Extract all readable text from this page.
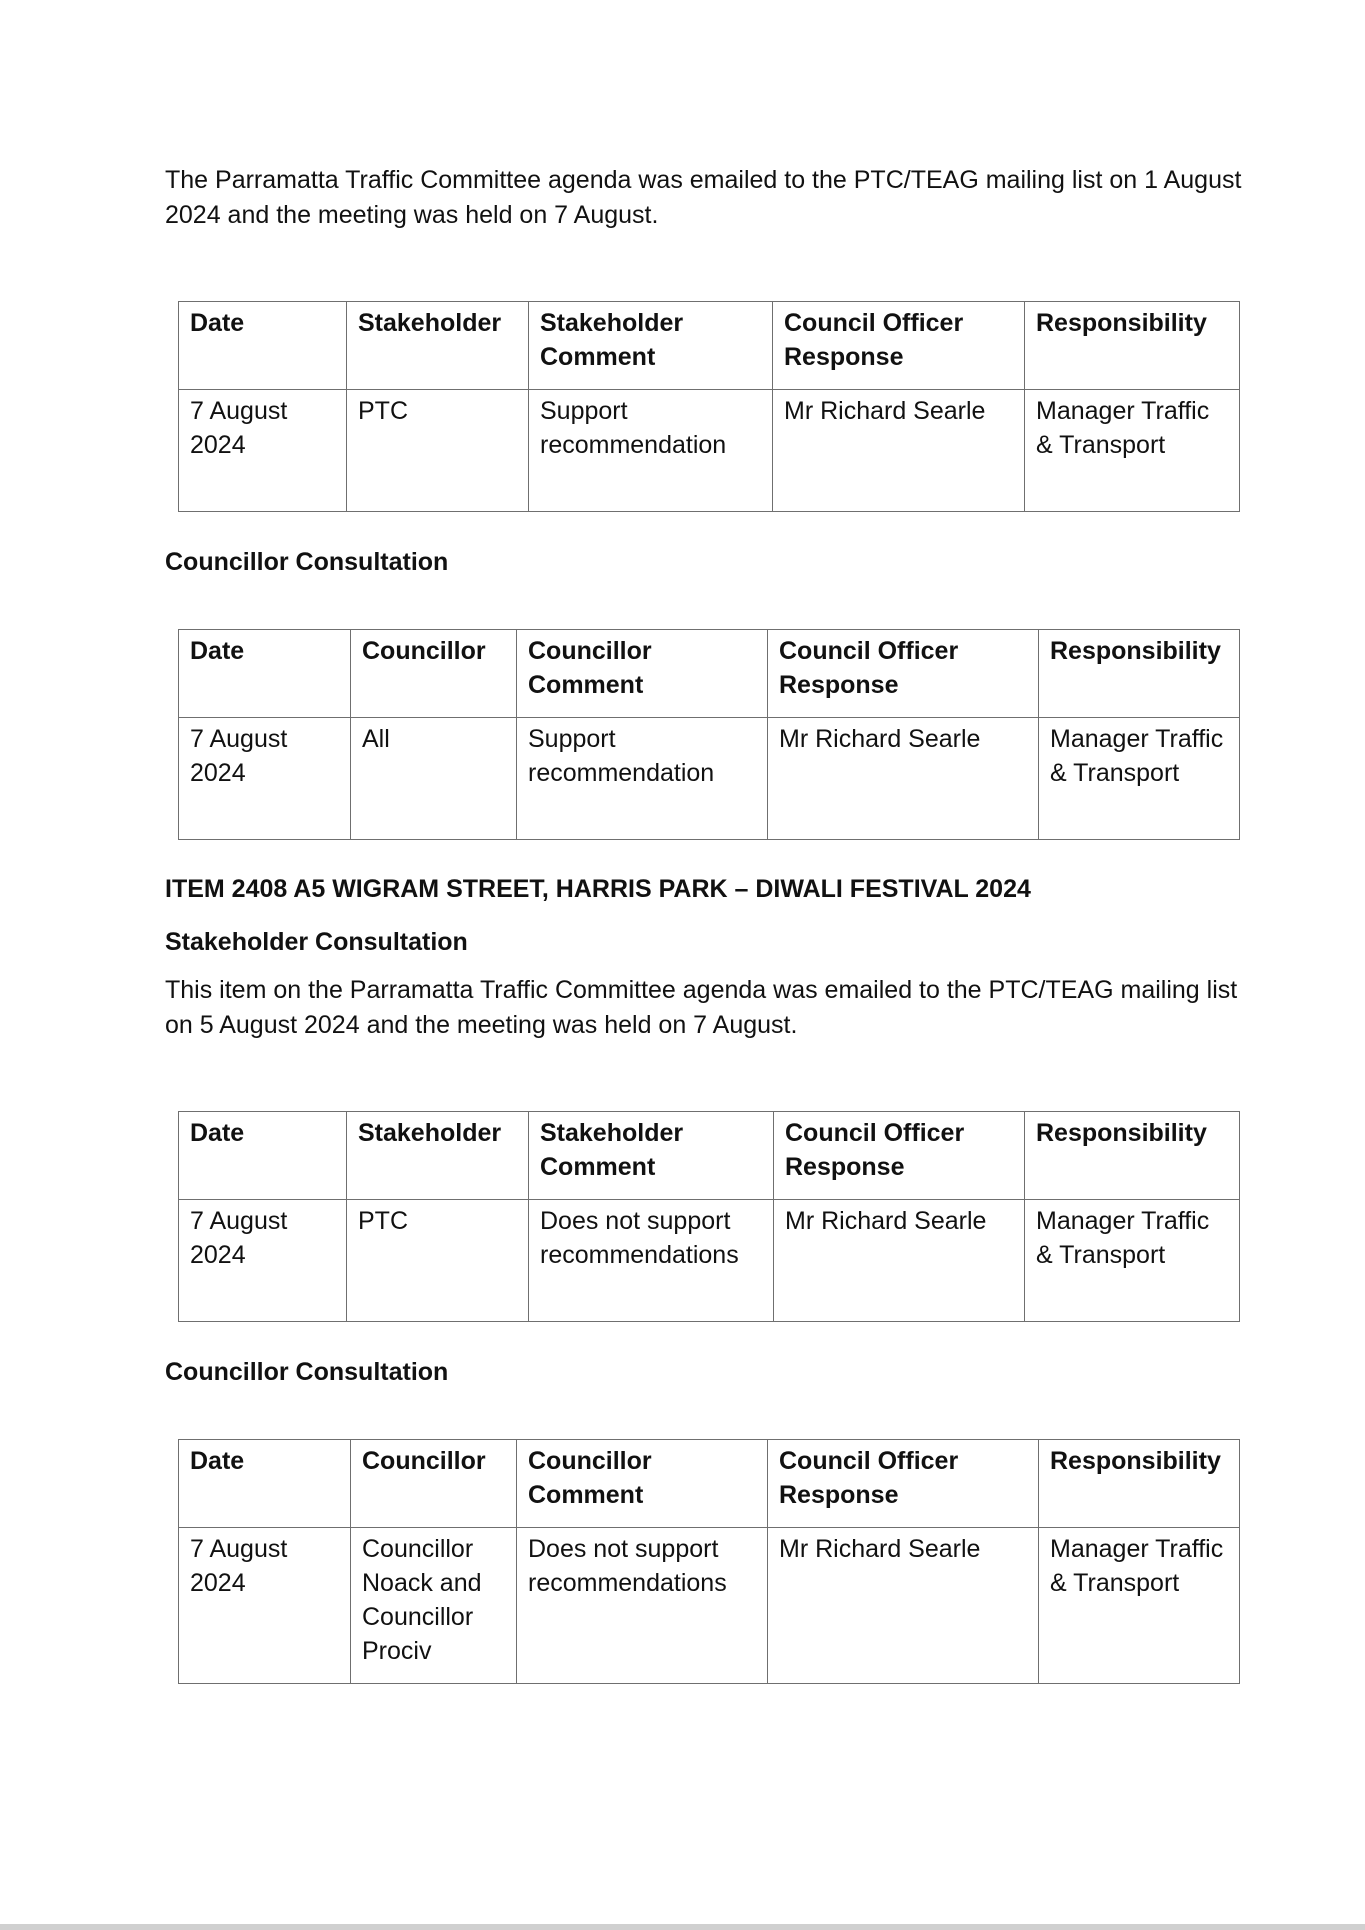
The Parramatta Traffic Committee agenda was emailed to the PTC/TEAG mailing list on 1 August 2024 and the meeting was held on 7 August.

Date	Stakeholder	Stakeholder Comment	Council Officer Response	Responsibility
7 August 2024	PTC	Support recommendation	Mr Richard Searle	Manager Traffic & Transport
Councillor Consultation
Date	Councillor	Councillor Comment	Council Officer Response	Responsibility
7 August 2024	All	Support recommendation	Mr Richard Searle	Manager Traffic & Transport
ITEM 2408 A5 WIGRAM STREET, HARRIS PARK – DIWALI FESTIVAL 2024
Stakeholder Consultation

This item on the Parramatta Traffic Committee agenda was emailed to the PTC/TEAG mailing list on 5 August 2024 and the meeting was held on 7 August.

Date	Stakeholder	Stakeholder Comment	Council Officer Response	Responsibility
7 August 2024	PTC	Does not support recommendations	Mr Richard Searle	Manager Traffic & Transport
Councillor Consultation
Date	Councillor	Councillor Comment	Council Officer Response	Responsibility
7 August 2024	Councillor Noack and Councillor Prociv	Does not support recommendations	Mr Richard Searle	Manager Traffic & Transport
